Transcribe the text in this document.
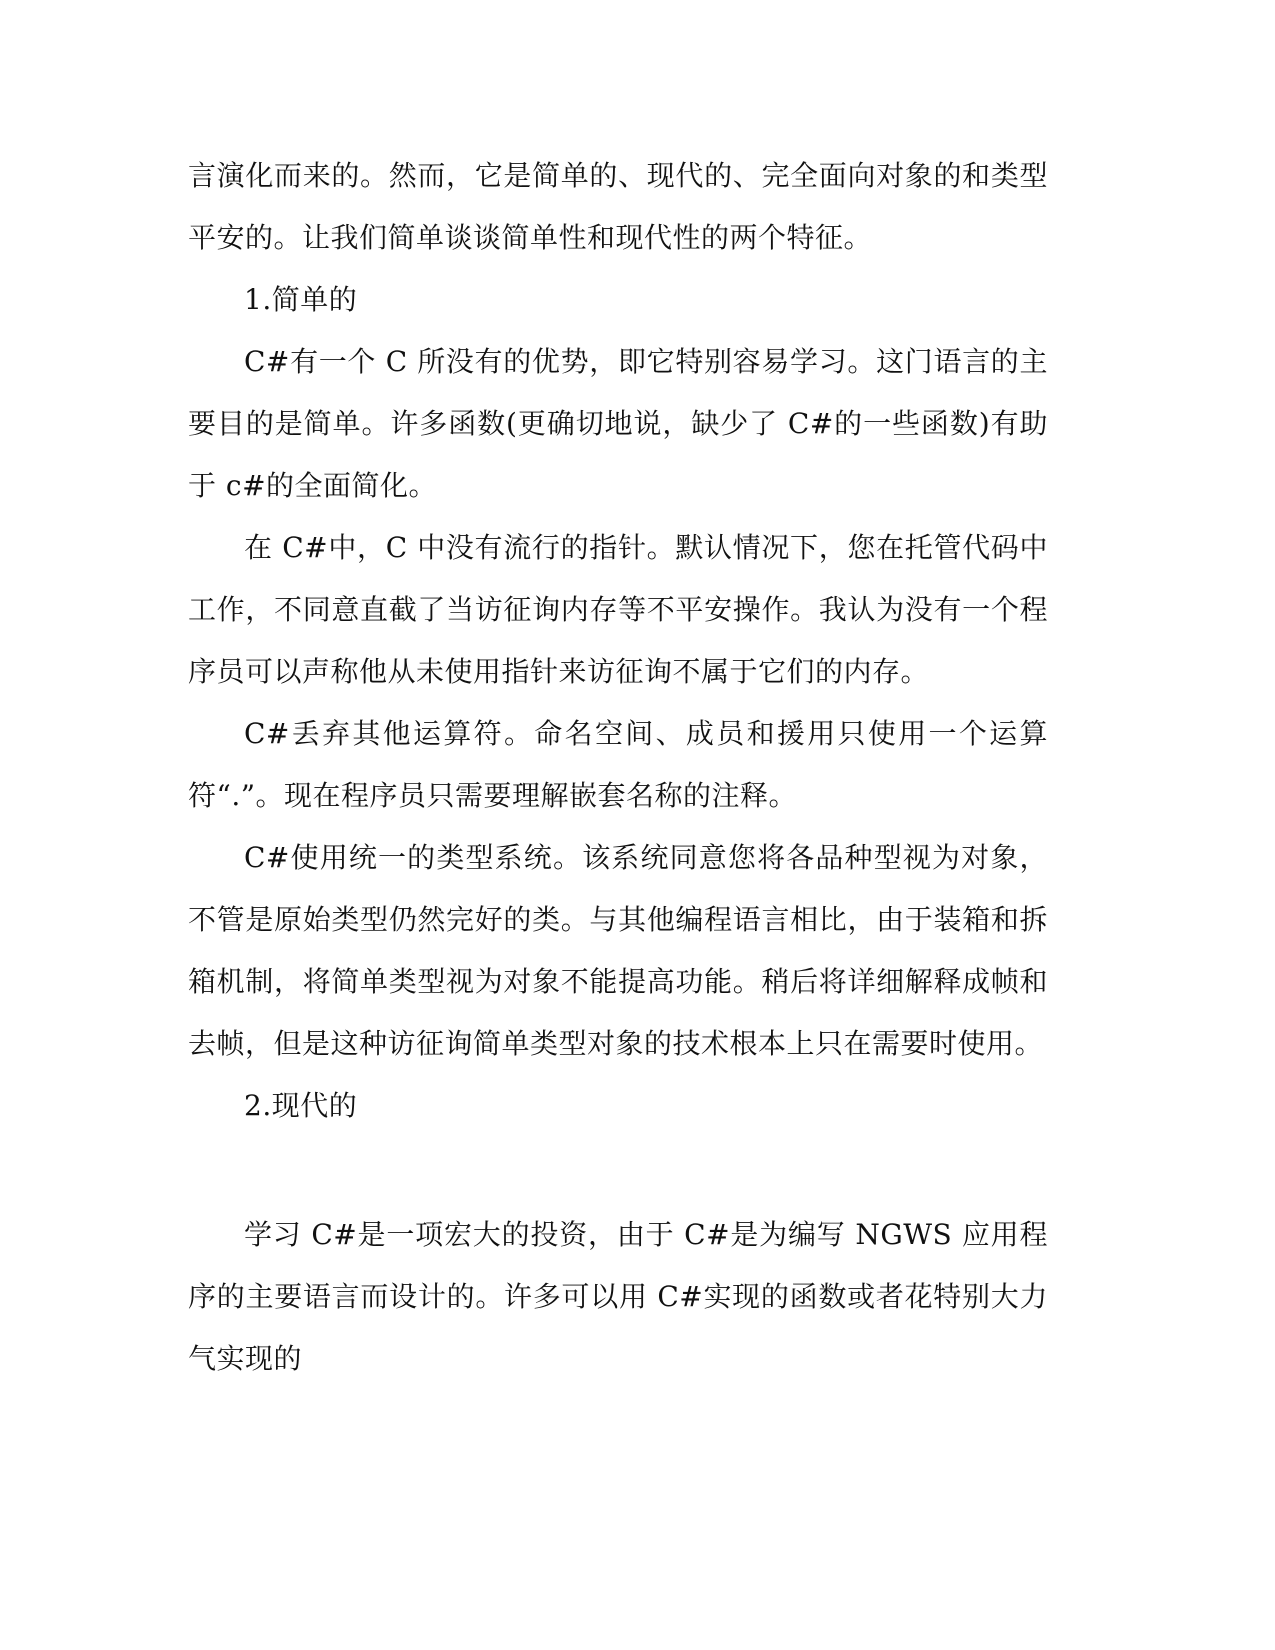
言演化而来的。然而，它是简单的、现代的、完全面向对象的和类型平安的。让我们简单谈谈简单性和现代性的两个特征。

1.简单的

C#有一个 C 所没有的优势，即它特别容易学习。这门语言的主要目的是简单。许多函数(更确切地说，缺少了 C#的一些函数)有助于 c#的全面简化。

在 C#中，C 中没有流行的指针。默认情况下，您在托管代码中工作，不同意直截了当访征询内存等不平安操作。我认为没有一个程序员可以声称他从未使用指针来访征询不属于它们的内存。

C#丢弃其他运算符。命名空间、成员和援用只使用一个运算符“.”。现在程序员只需要理解嵌套名称的注释。

C#使用统一的类型系统。该系统同意您将各品种型视为对象，不管是原始类型仍然完好的类。与其他编程语言相比，由于装箱和拆箱机制，将简单类型视为对象不能提高功能。稍后将详细解释成帧和去帧，但是这种访征询简单类型对象的技术根本上只在需要时使用。

2.现代的

学习 C#是一项宏大的投资，由于 C#是为编写 NGWS 应用程序的主要语言而设计的。许多可以用 C#实现的函数或者花特别大力气实现的
